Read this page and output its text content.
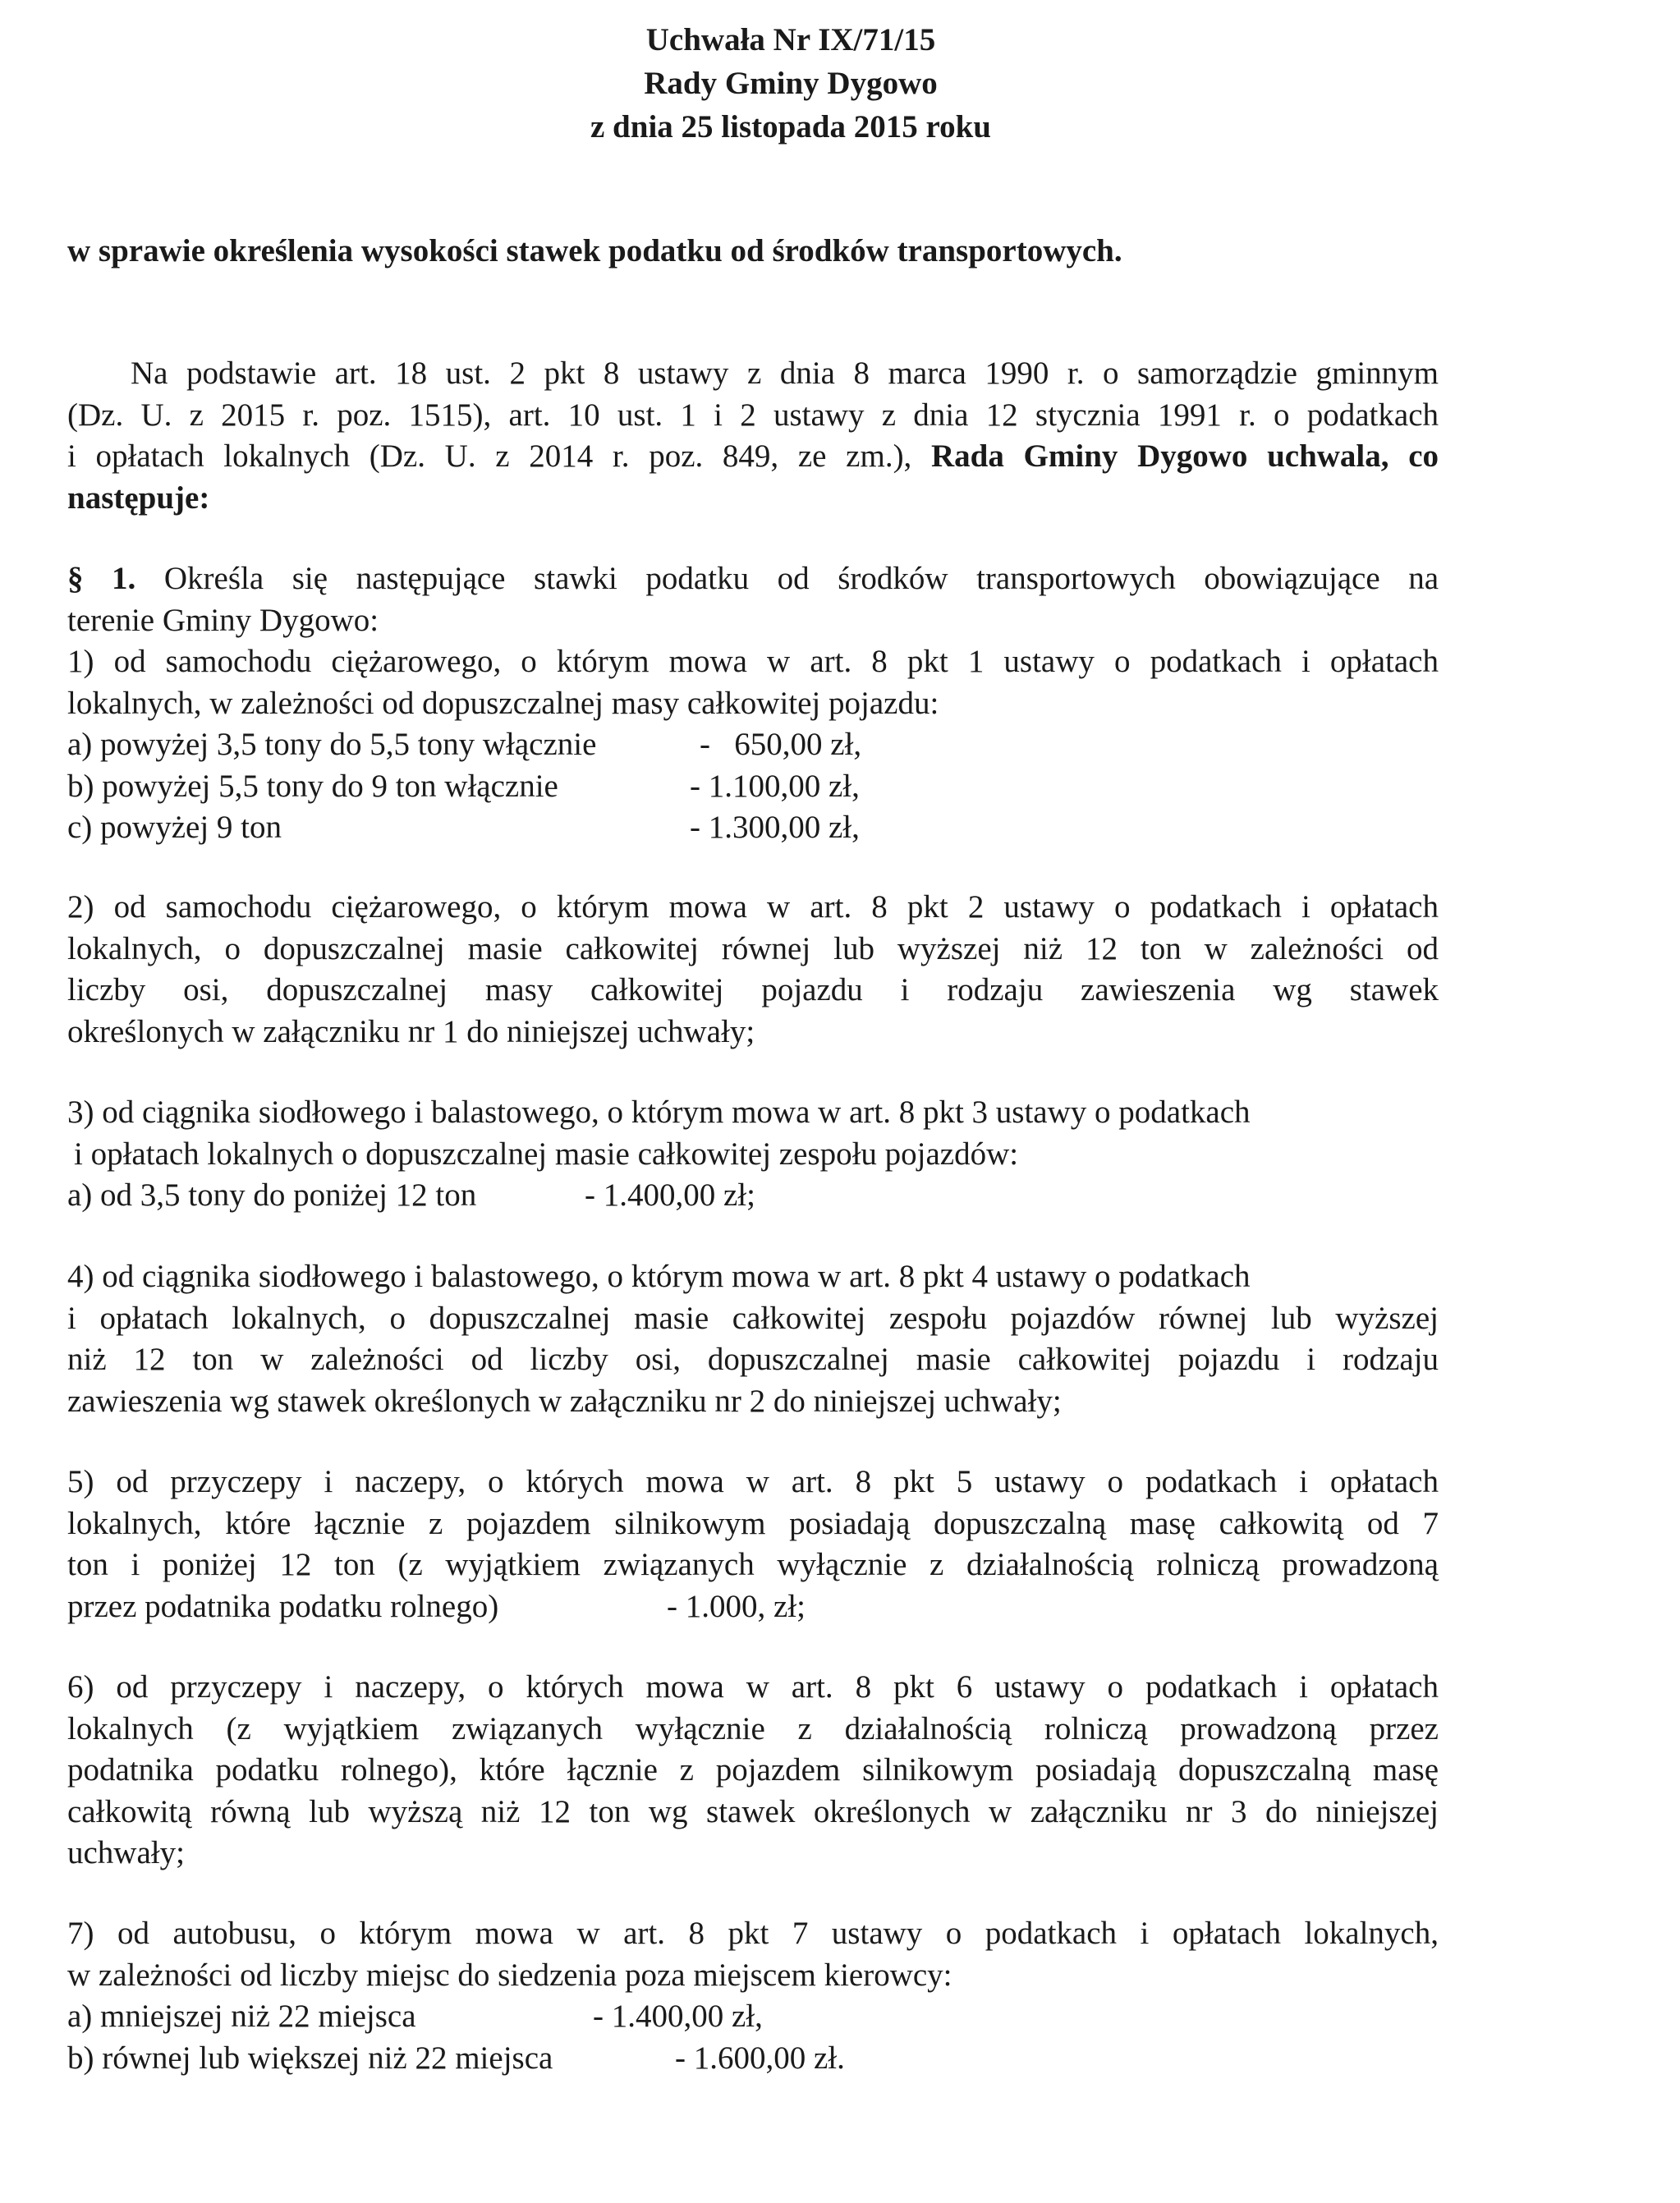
Uchwała Nr IX/71/15
Rady Gminy Dygowo
z dnia 25 listopada 2015 roku
w sprawie określenia wysokości stawek podatku od środków transportowych.
Na podstawie art. 18 ust. 2 pkt 8 ustawy z dnia 8 marca 1990 r. o samorządzie gminnym
(Dz. U. z 2015 r. poz. 1515), art. 10 ust. 1 i 2 ustawy z dnia 12 stycznia 1991 r. o podatkach
i opłatach lokalnych (Dz. U. z 2014 r. poz. 849, ze zm.), Rada Gminy Dygowo uchwala, co
następuje:
§ 1. Określa się następujące stawki podatku od środków transportowych obowiązujące na
terenie Gminy Dygowo:
1) od samochodu ciężarowego, o którym mowa w art. 8 pkt 1 ustawy o podatkach i opłatach
lokalnych, w zależności od dopuszczalnej masy całkowitej pojazdu:
a) powyżej 3,5 tony do 5,5 tony włącznie	-   650,00 zł,
b) powyżej 5,5 tony do 9 ton włącznie	- 1.100,00 zł,
c) powyżej 9 ton	- 1.300,00 zł,
2) od samochodu ciężarowego, o którym mowa w art. 8 pkt 2 ustawy o podatkach i opłatach
lokalnych, o dopuszczalnej masie całkowitej równej lub wyższej niż 12 ton w zależności od
liczby osi, dopuszczalnej masy całkowitej pojazdu i rodzaju zawieszenia wg stawek
określonych w załączniku nr 1 do niniejszej uchwały;
3) od ciągnika siodłowego i balastowego, o którym mowa w art. 8 pkt 3 ustawy o podatkach
i opłatach lokalnych o dopuszczalnej masie całkowitej zespołu pojazdów:
a) od 3,5 tony do poniżej 12 ton	- 1.400,00 zł;
4) od ciągnika siodłowego i balastowego, o którym mowa w art. 8 pkt 4 ustawy o podatkach
i opłatach lokalnych, o dopuszczalnej masie całkowitej zespołu pojazdów równej lub wyższej
niż 12 ton w zależności od liczby osi, dopuszczalnej masie całkowitej pojazdu i rodzaju
zawieszenia wg stawek określonych w załączniku nr 2 do niniejszej uchwały;
5) od przyczepy i naczepy, o których mowa w art. 8 pkt 5 ustawy o podatkach i opłatach
lokalnych, które łącznie z pojazdem silnikowym posiadają dopuszczalną masę całkowitą od 7
ton i poniżej 12 ton (z wyjątkiem związanych wyłącznie z działalnością rolniczą prowadzoną
przez podatnika podatku rolnego)	- 1.000, zł;
6) od przyczepy i naczepy, o których mowa w art. 8 pkt 6 ustawy o podatkach i opłatach
lokalnych (z wyjątkiem związanych wyłącznie z działalnością rolniczą prowadzoną przez
podatnika podatku rolnego), które łącznie z pojazdem silnikowym posiadają dopuszczalną masę
całkowitą równą lub wyższą niż 12 ton wg stawek określonych w załączniku nr 3 do niniejszej
uchwały;
7) od autobusu, o którym mowa w art. 8 pkt 7 ustawy o podatkach i opłatach lokalnych,
w zależności od liczby miejsc do siedzenia poza miejscem kierowcy:
a) mniejszej niż 22 miejsca	- 1.400,00 zł,
b) równej lub większej niż 22 miejsca	- 1.600,00 zł.
